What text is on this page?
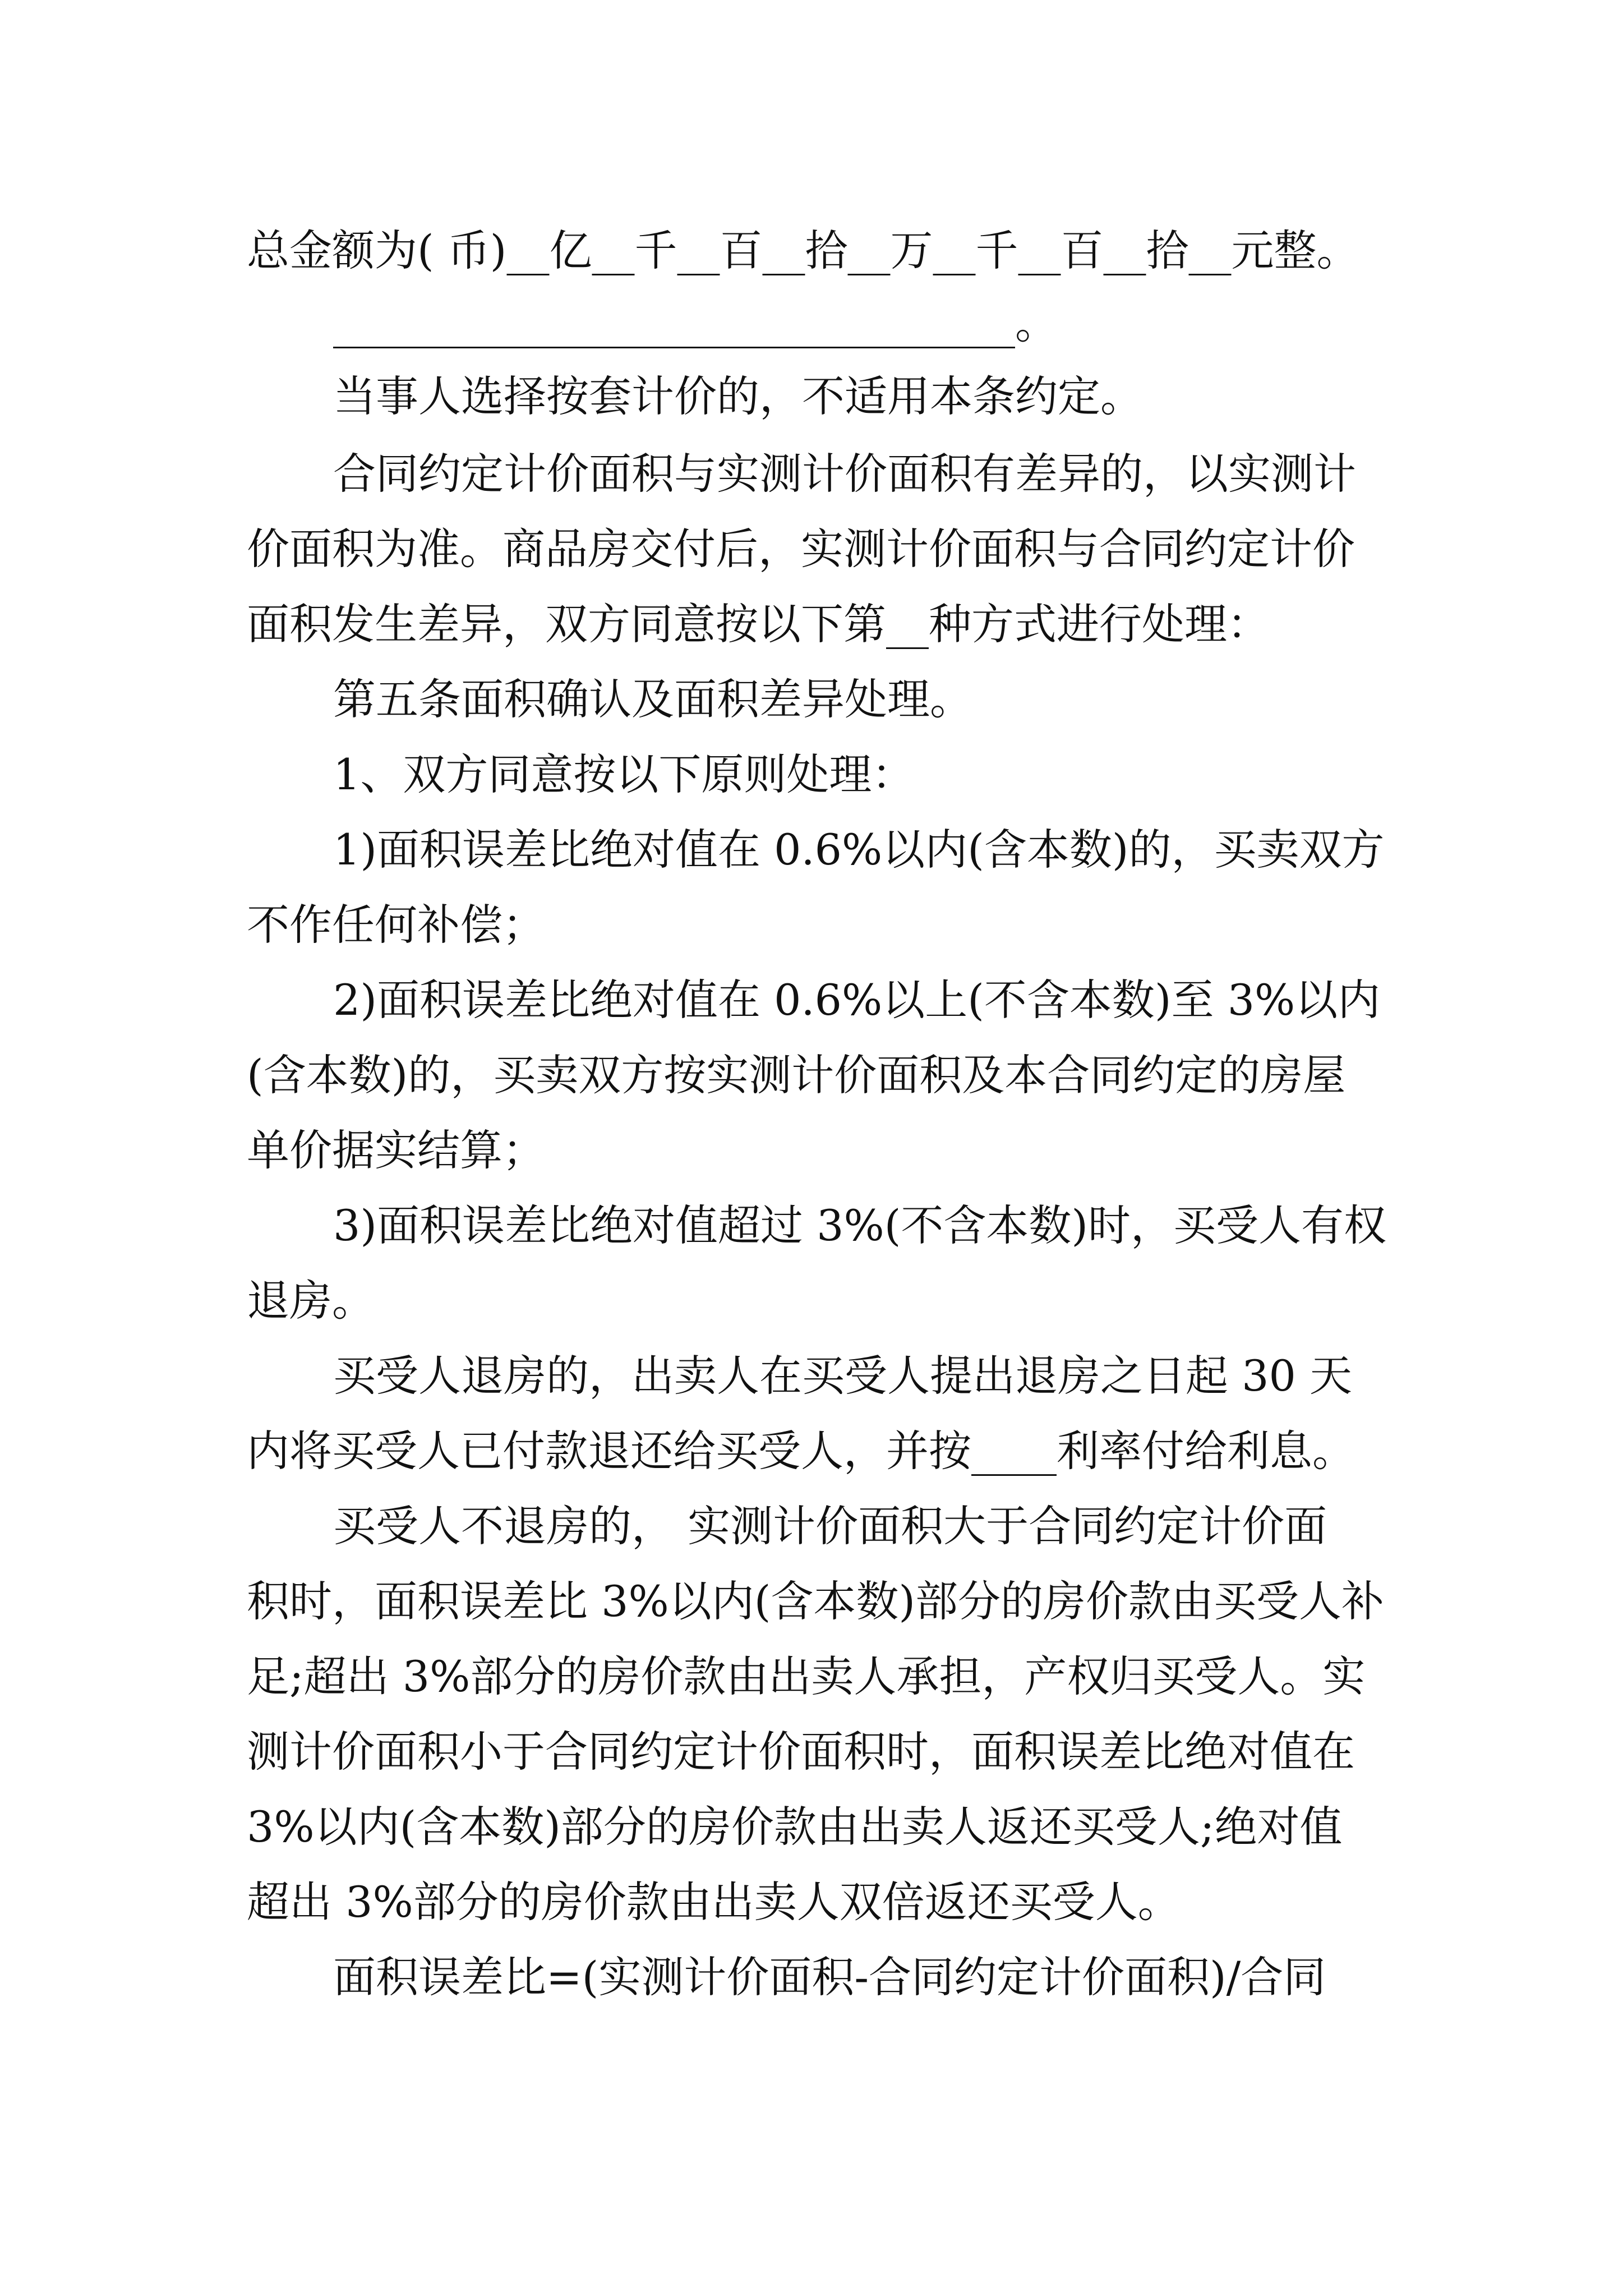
总金额为( 币)__亿__千__百__拾__万__千__百__拾__元整。
________________________________。
当事人选择按套计价的，不适用本条约定。
合同约定计价面积与实测计价面积有差异的，以实测计
价面积为准。商品房交付后，实测计价面积与合同约定计价
面积发生差异，双方同意按以下第__种方式进行处理：
第五条面积确认及面积差异处理。
1、双方同意按以下原则处理：
1)面积误差比绝对值在 0.6%以内(含本数)的，买卖双方
不作任何补偿；
2)面积误差比绝对值在 0.6%以上(不含本数)至 3%以内
(含本数)的，买卖双方按实测计价面积及本合同约定的房屋
单价据实结算；
3)面积误差比绝对值超过 3%(不含本数)时，买受人有权
退房。
买受人退房的，出卖人在买受人提出退房之日起 30 天
内将买受人已付款退还给买受人，并按____利率付给利息。
买受人不退房的， 实测计价面积大于合同约定计价面
积时，面积误差比 3%以内(含本数)部分的房价款由买受人补
足;超出 3%部分的房价款由出卖人承担，产权归买受人。实
测计价面积小于合同约定计价面积时，面积误差比绝对值在
3%以内(含本数)部分的房价款由出卖人返还买受人;绝对值
超出 3%部分的房价款由出卖人双倍返还买受人。
面积误差比=(实测计价面积-合同约定计价面积)/合同
